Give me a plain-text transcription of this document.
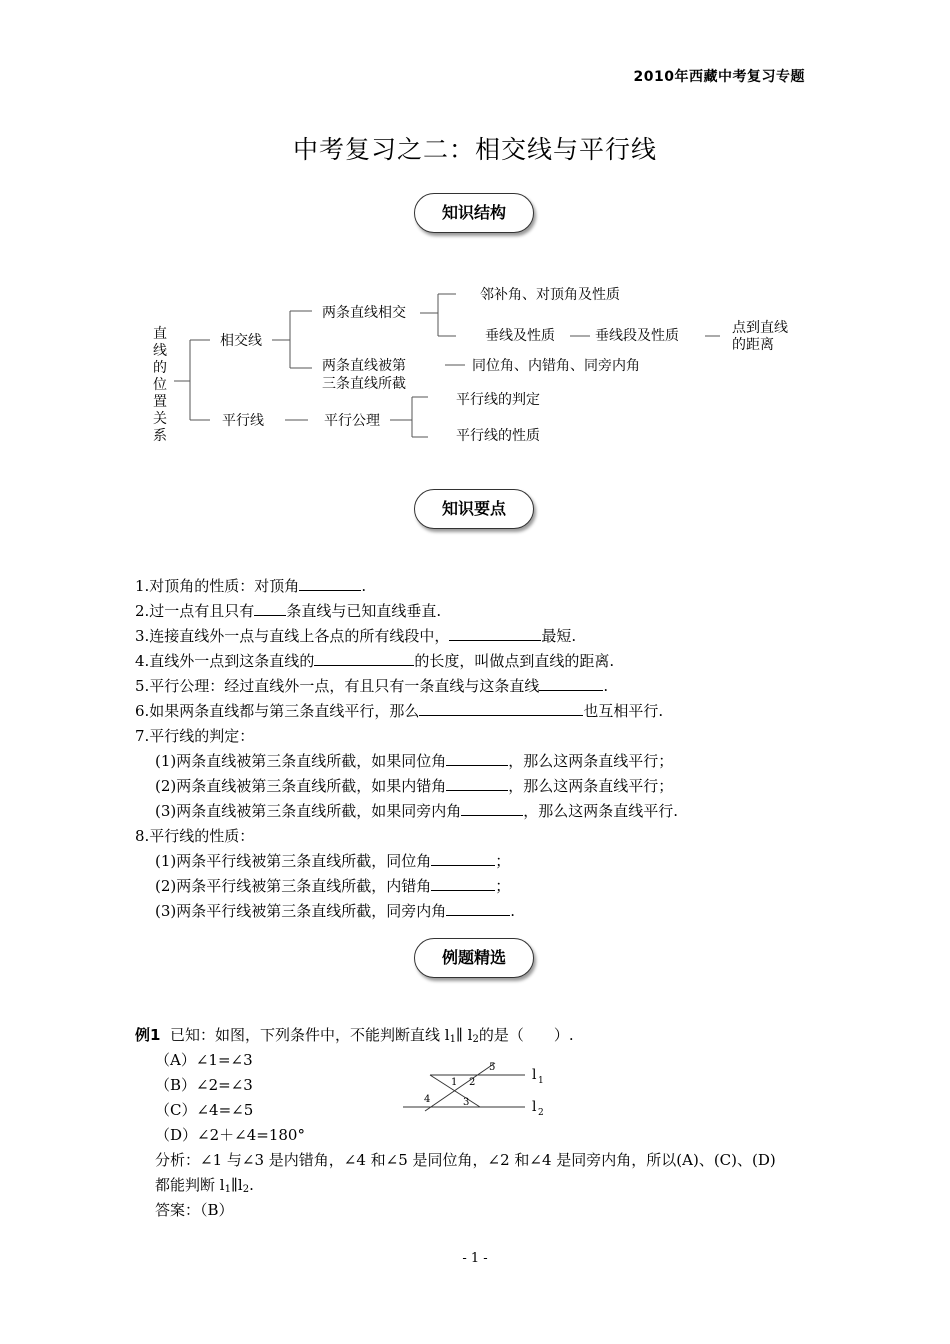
2010年西藏中考复习专题
中考复习之二：相交线与平行线
知识结构
直
线
的
位
置
关
系
相交线
平行线
两条直线相交
两条直线被第
三条直线所截
平行公理
邻补角、对顶角及性质
垂线及性质	垂线段及性质	点到直线
的距离
同位角、内错角、同旁内角
平行线的判定
平行线的性质
知识要点
1.对顶角的性质：对顶角	.
2.过一点有且只有 条直线与已知直线垂直.
3.连接直线外一点与直线上各点的所有线段中，	最短.
4.直线外一点到这条直线的	的长度，叫做点到直线的距离.
5.平行公理：经过直线外一点，有且只有一条直线与这条直线	.
6.如果两条直线都与第三条直线平行，那么	也互相平行.
7.平行线的判定：
(1)两条直线被第三条直线所截，如果同位角	，那么这两条直线平行；
(2)两条直线被第三条直线所截，如果内错角	，那么这两条直线平行；
(3)两条直线被第三条直线所截，如果同旁内角	，那么这两条直线平行.
8.平行线的性质：
(1)两条平行线被第三条直线所截，同位角	；
(2)两条平行线被第三条直线所截，内错角	；
(3)两条平行线被第三条直线所截，同旁内角	.
例题精选
例1 已知：如图，下列条件中，不能判断直线 $l_1\parallel$ $l_2$的是（　　）.
（A）∠1=∠3
（B）∠2=∠3
（C）∠4=∠5
（D）∠2＋∠4=180°
分析：∠1 与∠3 是内错角，∠4 和∠5 是同位角，∠2 和∠4 是同旁内角，所以(A)、(C)、(D)
都能判断 $l_1\parallel l_2$.
答案：（B）
1 2
3
4
5	l 1
l 2
- 1 -
